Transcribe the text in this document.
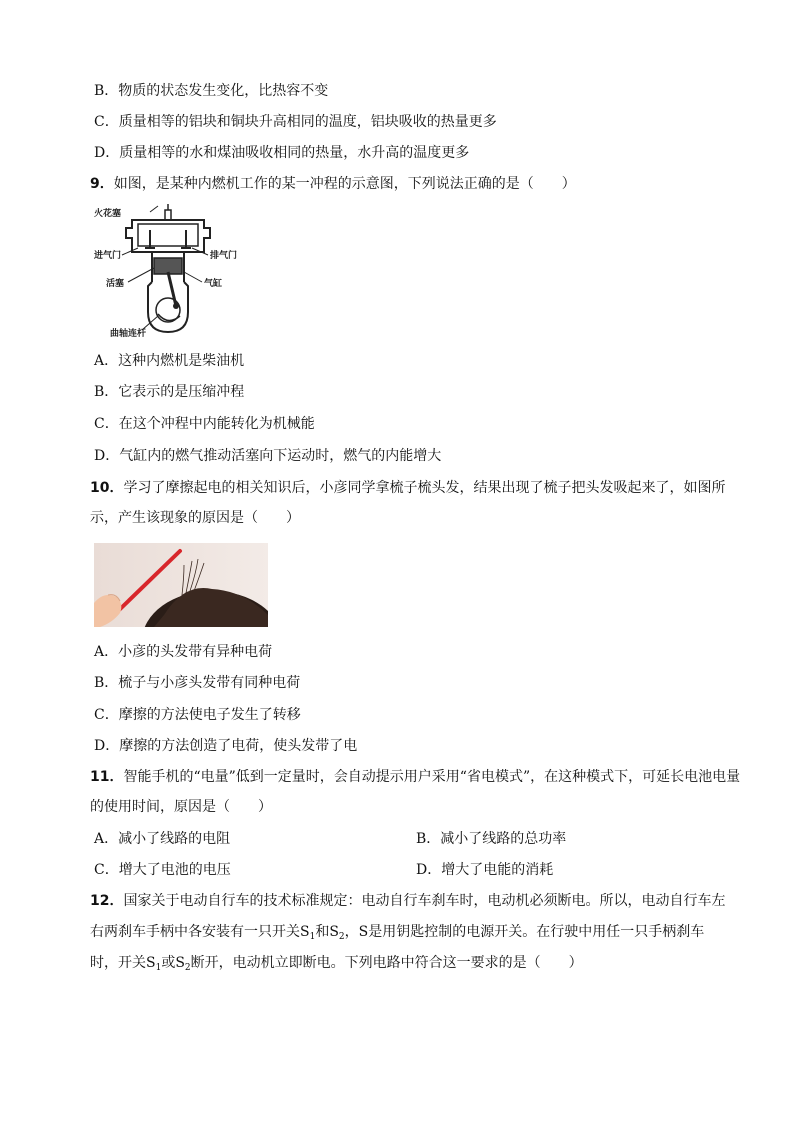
B．物质的状态发生变化，比热容不变
C．质量相等的铝块和铜块升高相同的温度，铝块吸收的热量更多
D．质量相等的水和煤油吸收相同的热量，水升高的温度更多
9．如图，是某种内燃机工作的某一冲程的示意图，下列说法正确的是（　　）
火花塞
进气门	排气门
活塞	气缸
曲轴连杆
A．这种内燃机是柴油机
B．它表示的是压缩冲程
C．在这个冲程中内能转化为机械能
D．气缸内的燃气推动活塞向下运动时，燃气的内能增大
10．学习了摩擦起电的相关知识后，小彦同学拿梳子梳头发，结果出现了梳子把头发吸起来了，如图所
示，产生该现象的原因是（　　）
A．小彦的头发带有异种电荷
B．梳子与小彦头发带有同种电荷
C．摩擦的方法使电子发生了转移
D．摩擦的方法创造了电荷，使头发带了电
11．智能手机的“电量”低到一定量时，会自动提示用户采用“省电模式”，在这种模式下，可延长电池电量
的使用时间，原因是（　　）
A．减小了线路的电阻	B．减小了线路的总功率
C．增大了电池的电压	D．增大了电能的消耗
12．国家关于电动自行车的技术标准规定：电动自行车刹车时，电动机必须断电。所以，电动自行车左
右两刹车手柄中各安装有一只开关$S_1$和$S_2$，S是用钥匙控制的电源开关。在行驶中用任一只手柄刹车
时，开关$S_1$或$S_2$断开，电动机立即断电。下列电路中符合这一要求的是（　　）
